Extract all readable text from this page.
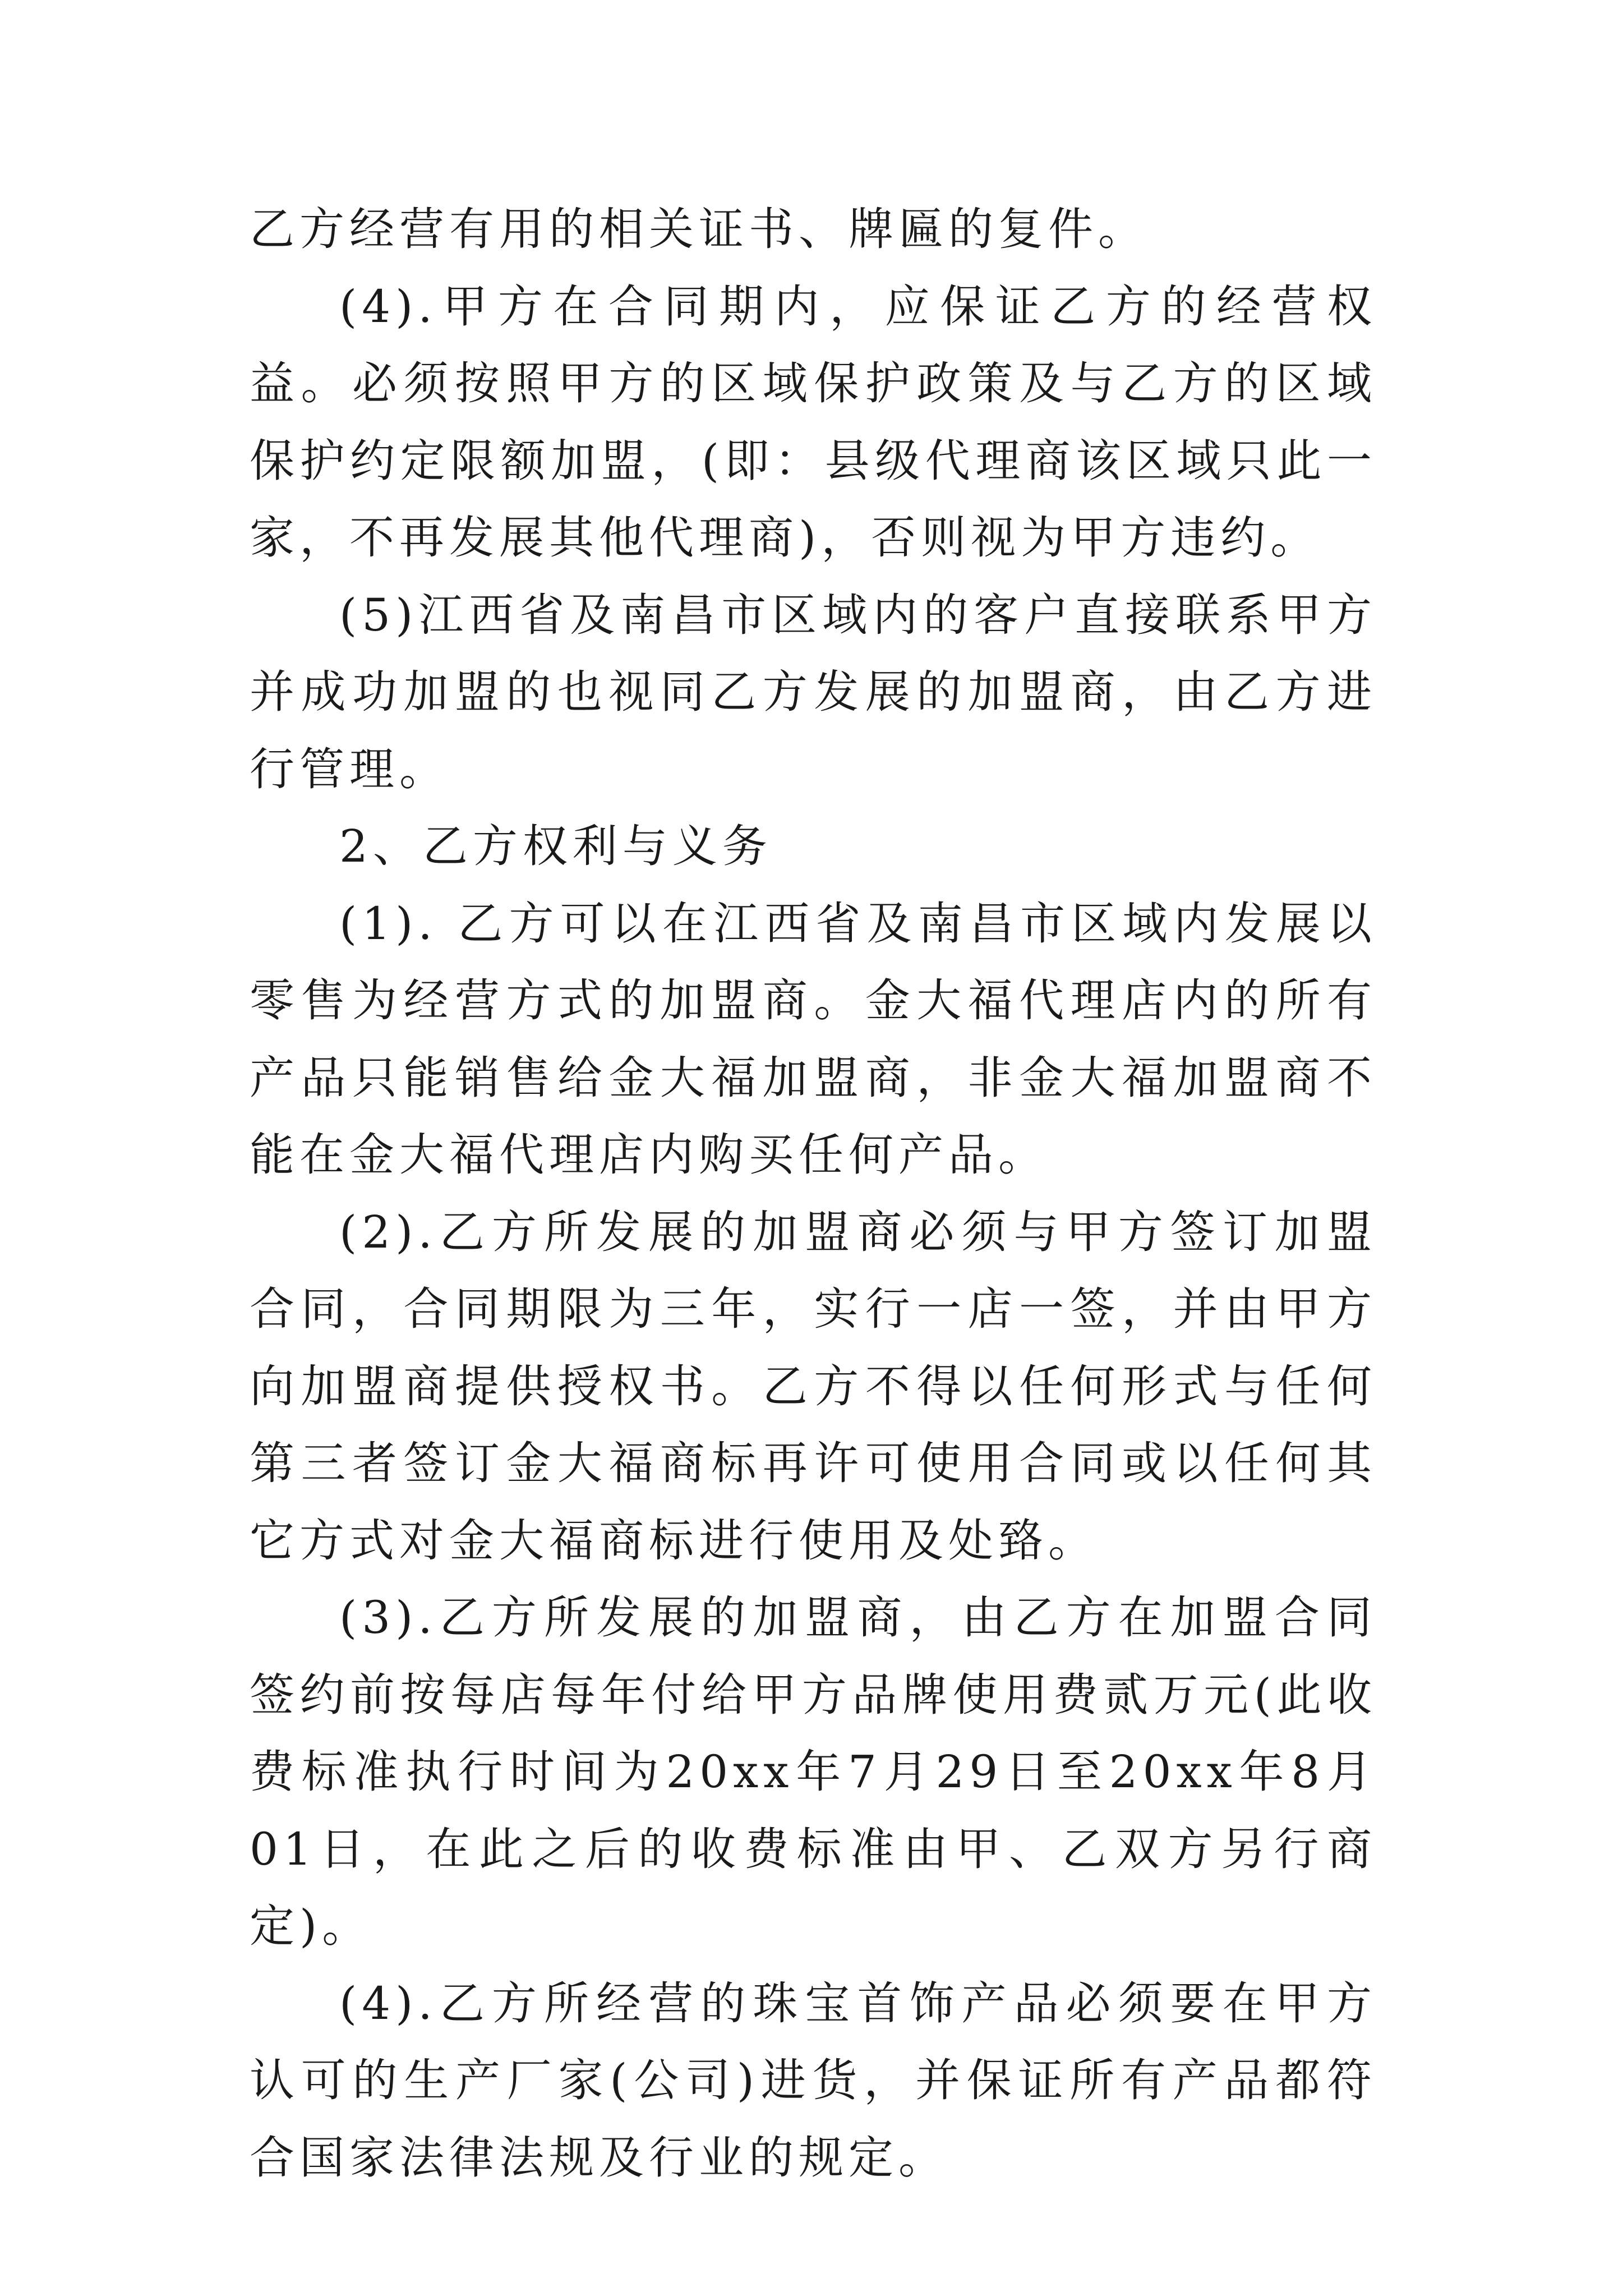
乙方经营有用的相关证书、牌匾的复件。

(4).甲方在合同期内，应保证乙方的经营权益。必须按照甲方的区域保护政策及与乙方的区域保护约定限额加盟，(即：县级代理商该区域只此一家，不再发展其他代理商)，否则视为甲方违约。

(5)江西省及南昌市区域内的客户直接联系甲方并成功加盟的也视同乙方发展的加盟商，由乙方进行管理。

2、乙方权利与义务

(1). 乙方可以在江西省及南昌市区域内发展以零售为经营方式的加盟商。金大福代理店内的所有产品只能销售给金大福加盟商，非金大福加盟商不能在金大福代理店内购买任何产品。

(2).乙方所发展的加盟商必须与甲方签订加盟合同，合同期限为三年，实行一店一签，并由甲方向加盟商提供授权书。乙方不得以任何形式与任何第三者签订金大福商标再许可使用合同或以任何其它方式对金大福商标进行使用及处臵。

(3).乙方所发展的加盟商，由乙方在加盟合同签约前按每店每年付给甲方品牌使用费贰万元(此收费标准执行时间为20xx年7月29日至20xx年8月01日，在此之后的收费标准由甲、乙双方另行商定)。

(4).乙方所经营的珠宝首饰产品必须要在甲方认可的生产厂家(公司)进货，并保证所有产品都符合国家法律法规及行业的规定。
